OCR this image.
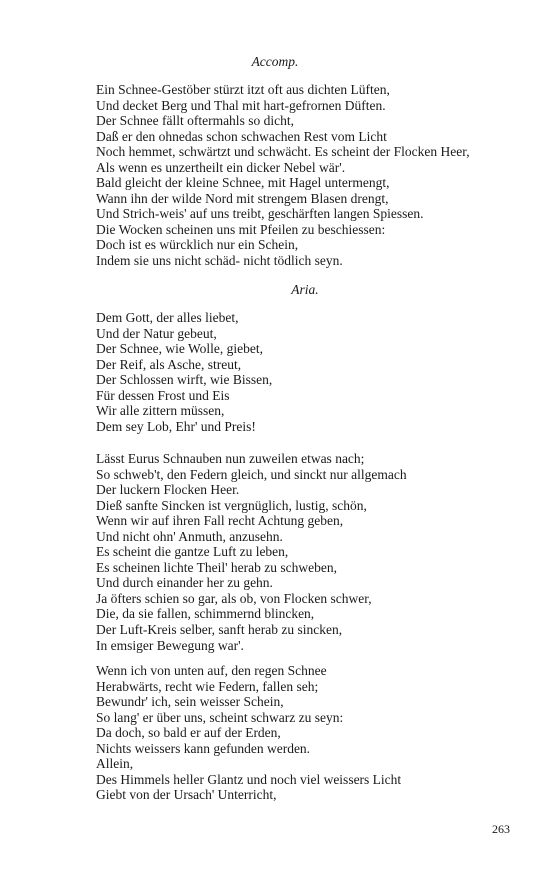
Accomp.
Ein Schnee-Gestöber stürzt itzt oft aus dichten Lüften,
Und decket Berg und Thal mit hart-gefrornen Düften.
Der Schnee fällt oftermahls so dicht,
Daß er den ohnedas schon schwachen Rest vom Licht
Noch hemmet, schwärtzt und schwächt. Es scheint der Flocken Heer,
Als wenn es unzertheilt ein dicker Nebel wär'.
Bald gleicht der kleine Schnee, mit Hagel untermengt,
Wann ihn der wilde Nord mit strengem Blasen drengt,
Und Strich-weis' auf uns treibt, geschärften langen Spiessen.
Die Wocken scheinen uns mit Pfeilen zu beschiessen:
Doch ist es würcklich nur ein Schein,
Indem sie uns nicht schäd- nicht tödlich seyn.
Aria.
Dem Gott, der alles liebet,
Und der Natur gebeut,
Der Schnee, wie Wolle, giebet,
Der Reif, als Asche, streut,
Der Schlossen wirft, wie Bissen,
Für dessen Frost und Eis
Wir alle zittern müssen,
Dem sey Lob, Ehr' und Preis!
Lässt Eurus Schnauben nun zuweilen etwas nach;
So schweb't, den Federn gleich, und sinckt nur allgemach
Der luckern Flocken Heer.
Dieß sanfte Sincken ist vergnüglich, lustig, schön,
Wenn wir auf ihren Fall recht Achtung geben,
Und nicht ohn' Anmuth, anzusehn.
Es scheint die gantze Luft zu leben,
Es scheinen lichte Theil' herab zu schweben,
Und durch einander her zu gehn.
Ja öfters schien so gar, als ob, von Flocken schwer,
Die, da sie fallen, schimmernd blincken,
Der Luft-Kreis selber, sanft herab zu sincken,
In emsiger Bewegung war'.
Wenn ich von unten auf, den regen Schnee
Herabwärts, recht wie Federn, fallen seh;
Bewundr' ich, sein weisser Schein,
So lang' er über uns, scheint schwarz zu seyn:
Da doch, so bald er auf der Erden,
Nichts weissers kann gefunden werden.
Allein,
Des Himmels heller Glantz und noch viel weissers Licht
Giebt von der Ursach' Unterricht,
263
